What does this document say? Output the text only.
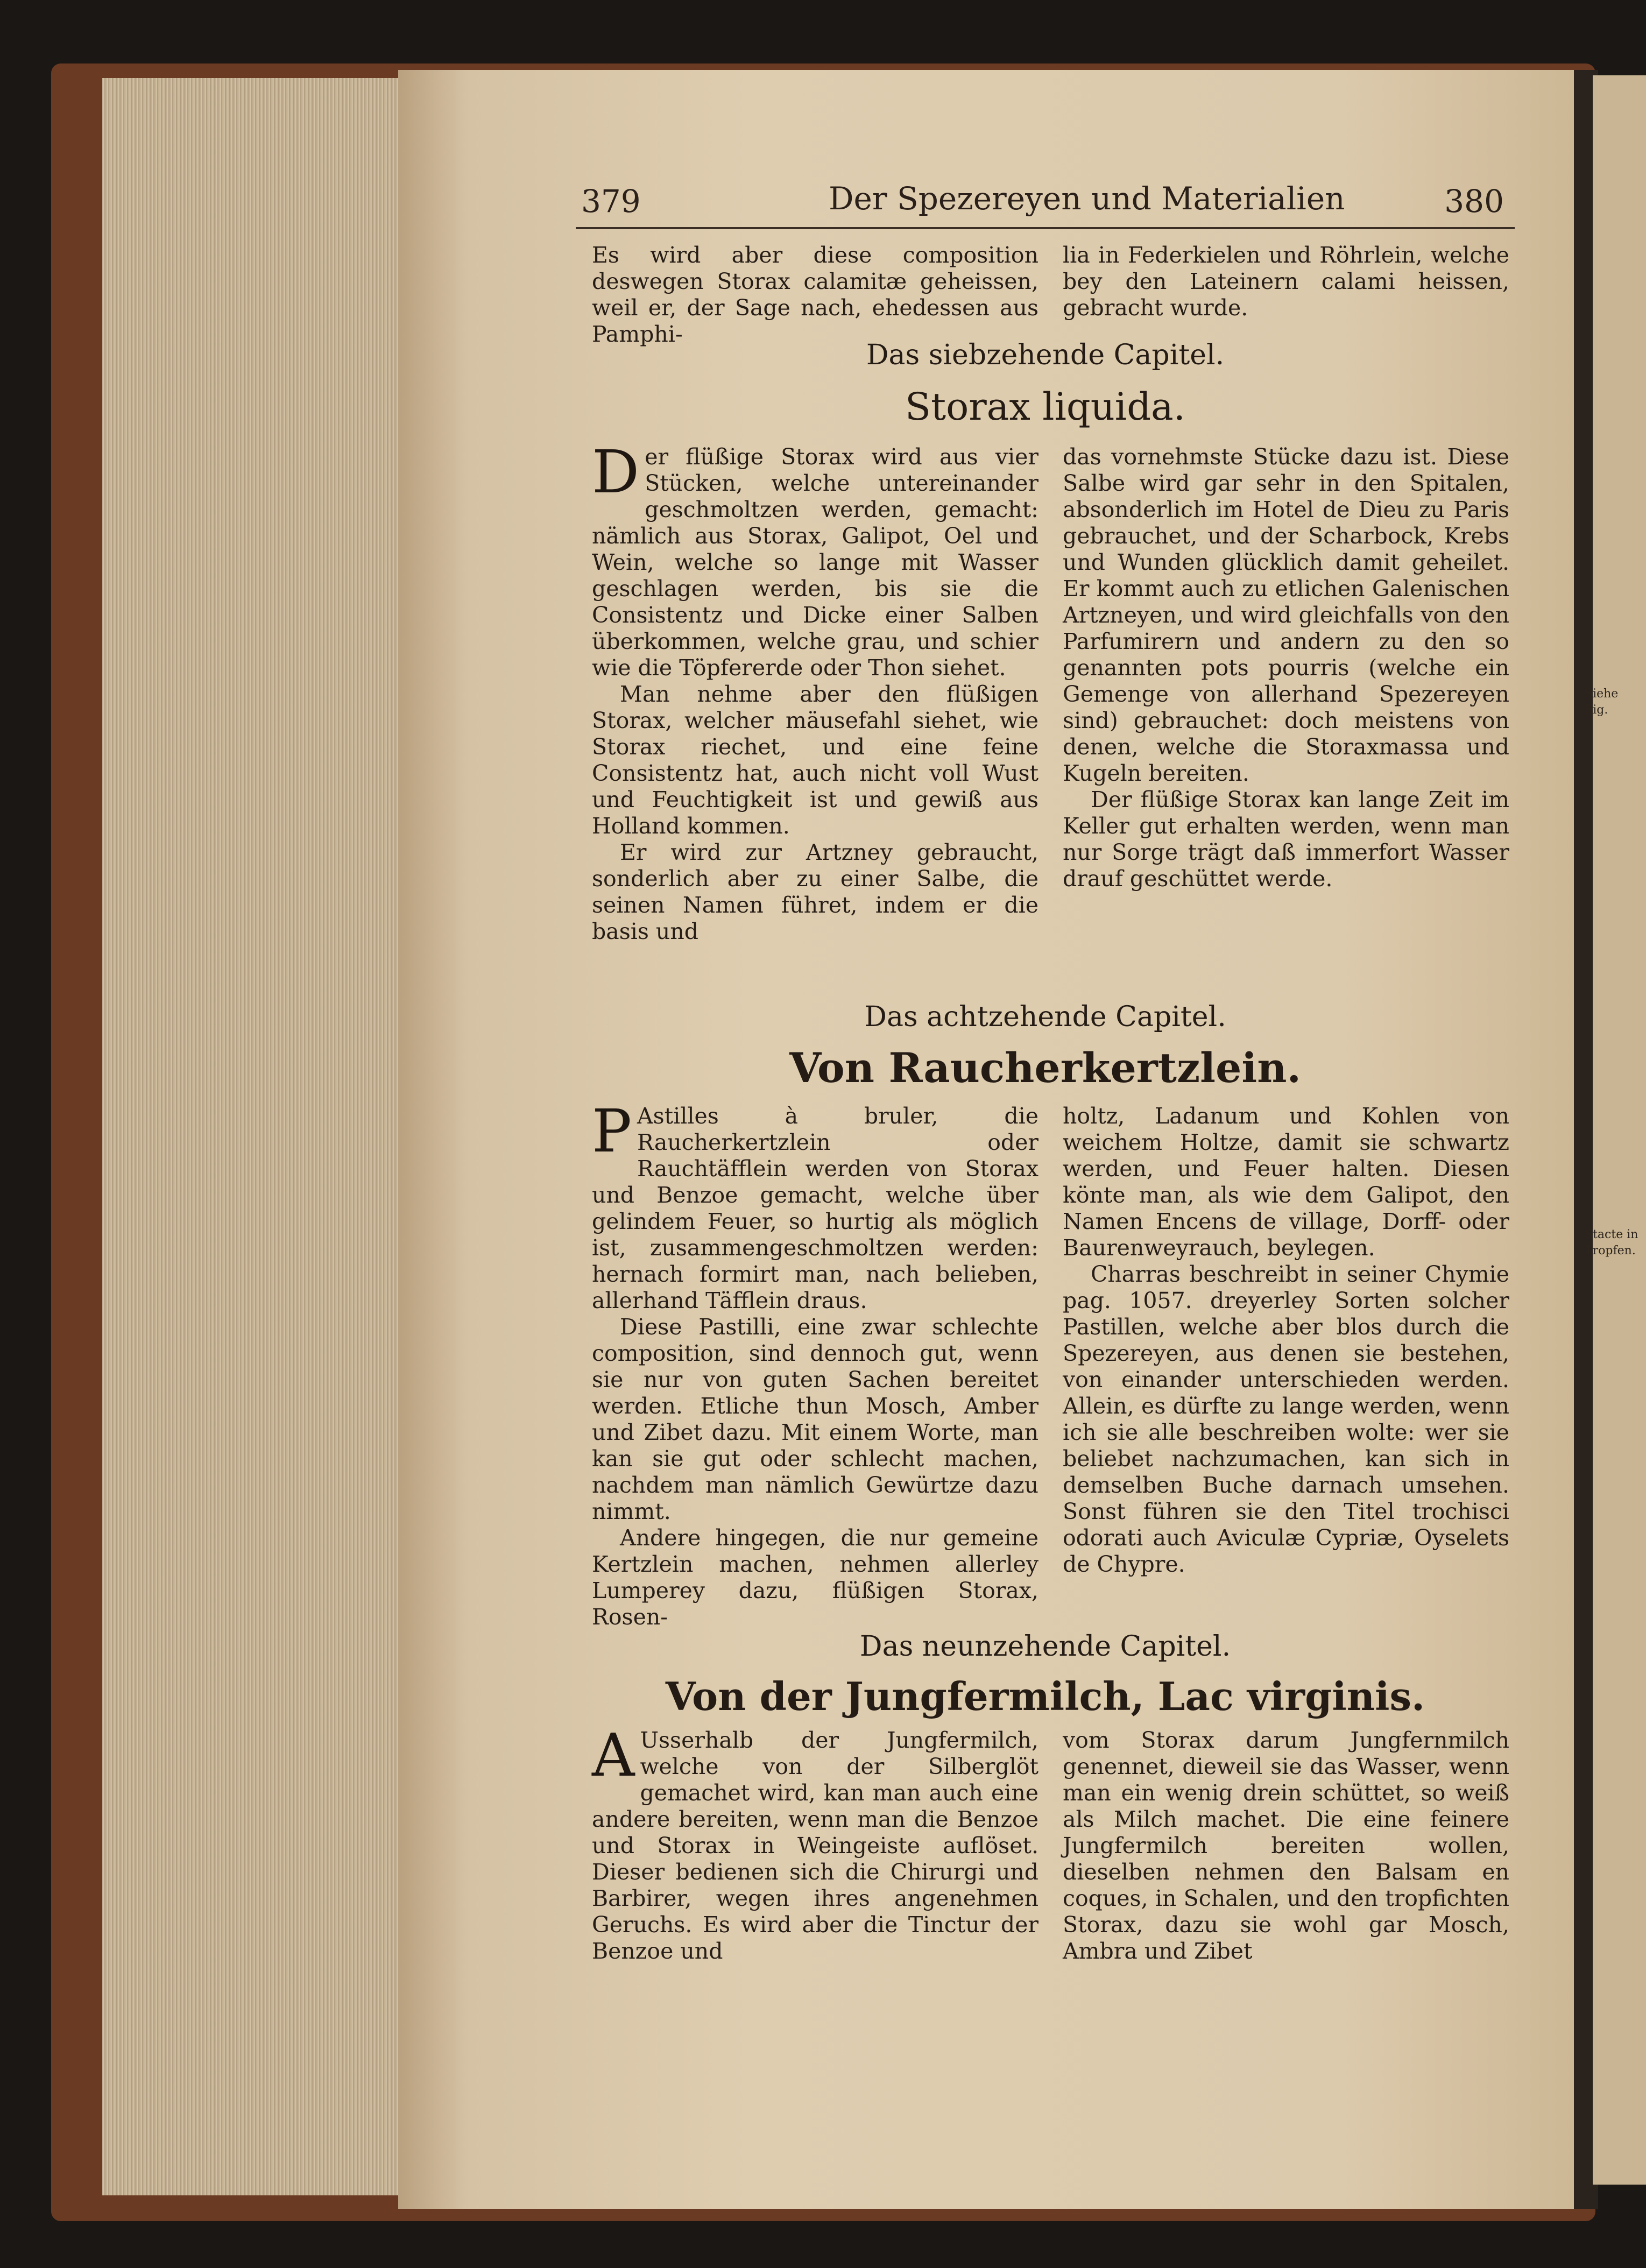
Siehe Fig.
Stacte in Tropfen.
379	Der Spezereyen und Materialien	380

Es wird aber diese composition deswegen Storax calamitæ geheissen, weil er, der Sage nach, ehedessen aus Pamphi-

lia in Federkielen und Röhrlein, welche bey den Lateinern calami heissen, gebracht wurde.

Das siebzehende Capitel.
Storax liquida.

Der flüßige Storax wird aus vier Stücken, welche untereinander geschmoltzen werden, gemacht: nämlich aus Storax, Galipot, Oel und Wein, welche so lange mit Wasser geschlagen werden, bis sie die Consistentz und Dicke einer Salben überkommen, welche grau, und schier wie die Töpfererde oder Thon siehet.

Man nehme aber den flüßigen Storax, welcher mäusefahl siehet, wie Storax riechet, und eine feine Consistentz hat, auch nicht voll Wust und Feuchtigkeit ist und gewiß aus Holland kommen.

Er wird zur Artzney gebraucht, sonderlich aber zu einer Salbe, die seinen Namen führet, indem er die basis und

das vornehmste Stücke dazu ist. Diese Salbe wird gar sehr in den Spitalen, absonderlich im Hotel de Dieu zu Paris gebrauchet, und der Scharbock, Krebs und Wunden glücklich damit geheilet. Er kommt auch zu etlichen Galenischen Artzneyen, und wird gleichfalls von den Parfumirern und andern zu den so genannten pots pourris (welche ein Gemenge von allerhand Spezereyen sind) gebrauchet: doch meistens von denen, welche die Storaxmassa und Kugeln bereiten.

Der flüßige Storax kan lange Zeit im Keller gut erhalten werden, wenn man nur Sorge trägt daß immerfort Wasser drauf geschüttet werde.

Das achtzehende Capitel.
Von Raucherkertzlein.

P Astilles à bruler, die Raucherkertzlein oder Rauchtäfflein werden von Storax und Benzoe gemacht, welche über gelindem Feuer, so hurtig als möglich ist, zusammengeschmoltzen werden: hernach formirt man, nach belieben, allerhand Täfflein draus.

Diese Pastilli, eine zwar schlechte composition, sind dennoch gut, wenn sie nur von guten Sachen bereitet werden. Etliche thun Mosch, Amber und Zibet dazu. Mit einem Worte, man kan sie gut oder schlecht machen, nachdem man nämlich Gewürtze dazu nimmt.

Andere hingegen, die nur gemeine Kertzlein machen, nehmen allerley Lumperey dazu, flüßigen Storax, Rosen-

holtz, Ladanum und Kohlen von weichem Holtze, damit sie schwartz werden, und Feuer halten. Diesen könte man, als wie dem Galipot, den Namen Encens de village, Dorff- oder Baurenweyrauch, beylegen.

Charras beschreibt in seiner Chymie pag. 1057. dreyerley Sorten solcher Pastillen, welche aber blos durch die Spezereyen, aus denen sie bestehen, von einander unterschieden werden. Allein, es dürfte zu lange werden, wenn ich sie alle beschreiben wolte: wer sie beliebet nachzumachen, kan sich in demselben Buche darnach umsehen. Sonst führen sie den Titel trochisci odorati auch Aviculæ Cypriæ, Oyselets de Chypre.

Das neunzehende Capitel.
Von der Jungfermilch, Lac virginis.

A Usserhalb der Jungfermilch, welche von der Silberglöt gemachet wird, kan man auch eine andere bereiten, wenn man die Benzoe und Storax in Weingeiste auflöset. Dieser bedienen sich die Chirurgi und Barbirer, wegen ihres angenehmen Geruchs. Es wird aber die Tinctur der Benzoe und

vom Storax darum Jungfernmilch genennet, dieweil sie das Wasser, wenn man ein wenig drein schüttet, so weiß als Milch machet. Die eine feinere Jungfermilch bereiten wollen, dieselben nehmen den Balsam en coques, in Schalen, und den tropfichten Storax, dazu sie wohl gar Mosch, Ambra und Zibet
